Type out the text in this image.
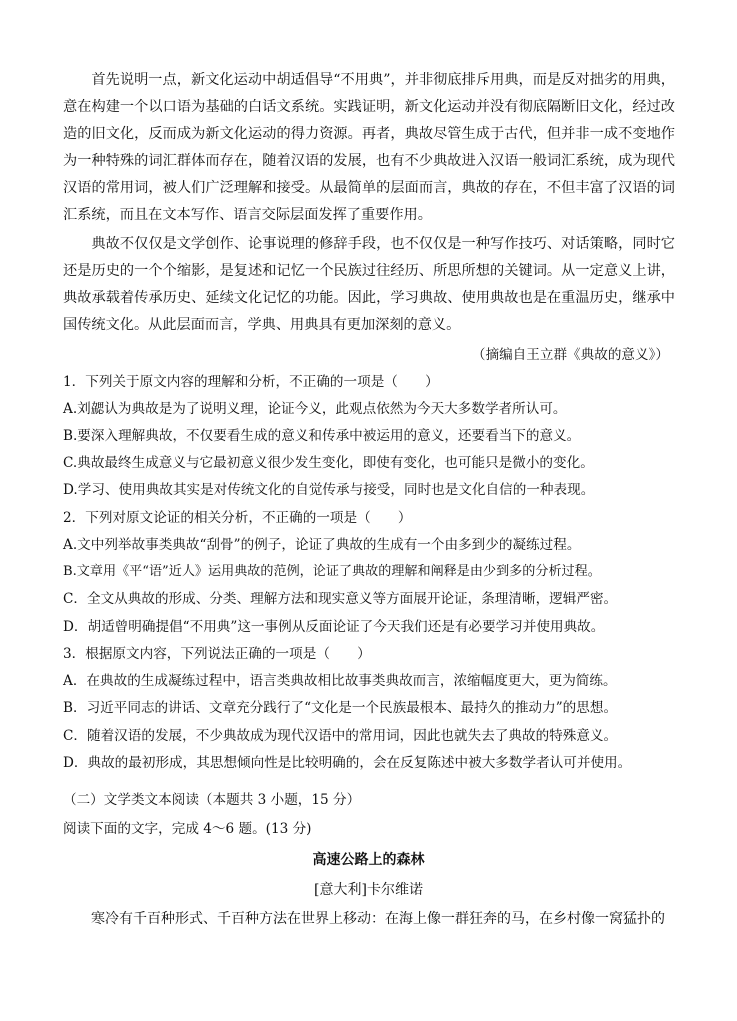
首先说明一点，新文化运动中胡适倡导“不用典”，并非彻底排斥用典，而是反对拙劣的用典，意在构建一个以口语为基础的白话文系统。实践证明，新文化运动并没有彻底隔断旧文化，经过改造的旧文化，反而成为新文化运动的得力资源。再者，典故尽管生成于古代，但并非一成不变地作为一种特殊的词汇群体而存在，随着汉语的发展，也有不少典故进入汉语一般词汇系统，成为现代汉语的常用词，被人们广泛理解和接受。从最简单的层面而言，典故的存在，不但丰富了汉语的词汇系统，而且在文本写作、语言交际层面发挥了重要作用。

典故不仅仅是文学创作、论事说理的修辞手段，也不仅仅是一种写作技巧、对话策略，同时它还是历史的一个个缩影，是复述和记忆一个民族过往经历、所思所想的关键词。从一定意义上讲，典故承载着传承历史、延续文化记忆的功能。因此，学习典故、使用典故也是在重温历史，继承中国传统文化。从此层面而言，学典、用典具有更加深刻的意义。

（摘编自王立群《典故的意义》）
1．下列关于原文内容的理解和分析，不正确的一项是（　　）
A.刘勰认为典故是为了说明义理，论证今义，此观点依然为今天大多数学者所认可。
B.要深入理解典故，不仅要看生成的意义和传承中被运用的意义，还要看当下的意义。
C.典故最终生成意义与它最初意义很少发生变化，即使有变化，也可能只是微小的变化。
D.学习、使用典故其实是对传统文化的自觉传承与接受，同时也是文化自信的一种表现。
2．下列对原文论证的相关分析，不正确的一项是（　　）
A.文中列举故事类典故“刮骨”的例子，论证了典故的生成有一个由多到少的凝练过程。
B.文章用《平“语”近人》运用典故的范例，论证了典故的理解和阐释是由少到多的分析过程。
C．全文从典故的形成、分类、理解方法和现实意义等方面展开论证，条理清晰，逻辑严密。
D．胡适曾明确提倡“不用典”这一事例从反面论证了今天我们还是有必要学习并使用典故。
3．根据原文内容，下列说法正确的一项是（　　）
A．在典故的生成凝练过程中，语言类典故相比故事类典故而言，浓缩幅度更大，更为简练。
B．习近平同志的讲话、文章充分践行了“文化是一个民族最根本、最持久的推动力”的思想。
C．随着汉语的发展，不少典故成为现代汉语中的常用词，因此也就失去了典故的特殊意义。
D．典故的最初形成，其思想倾向性是比较明确的，会在反复陈述中被大多数学者认可并使用。
（二）文学类文本阅读（本题共 3 小题，15 分）
阅读下面的文字，完成 4～6 题。(13 分)
高速公路上的森林
[意大利]卡尔维诺
寒冷有千百种形式、千百种方法在世界上移动：在海上像一群狂奔的马，在乡村像一窝猛扑的
